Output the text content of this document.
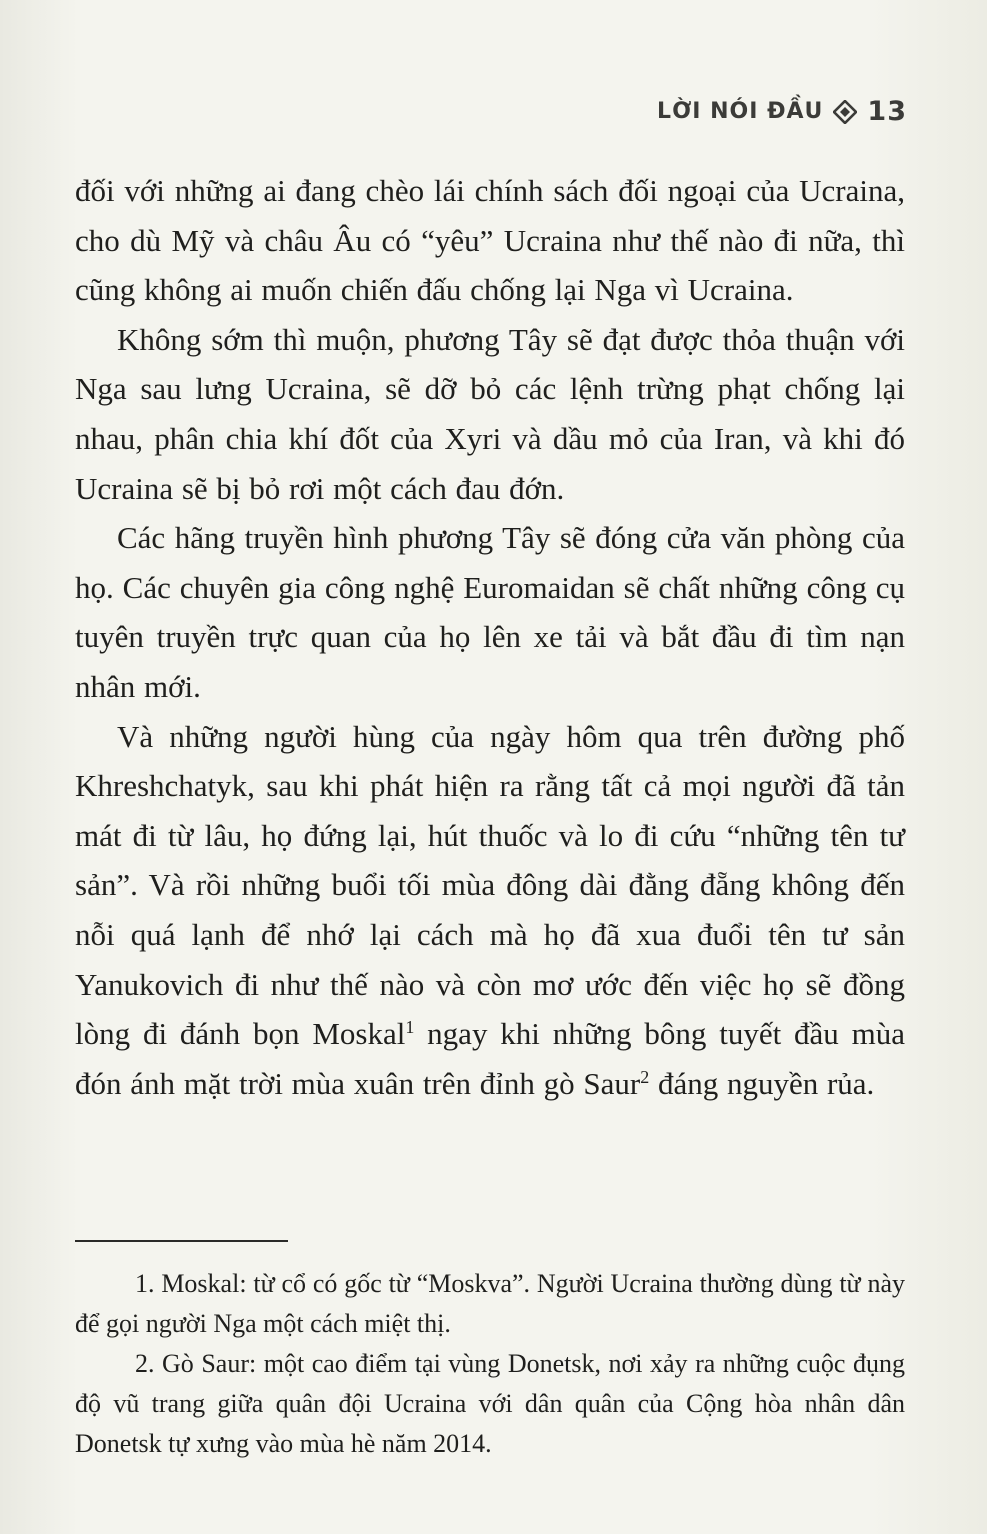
LỜI NÓI ĐẦU 13

đối với những ai đang chèo lái chính sách đối ngoại của Ucraina, cho dù Mỹ và châu Âu có “yêu” Ucraina như thế nào đi nữa, thì cũng không ai muốn chiến đấu chống lại Nga vì Ucraina.

Không sớm thì muộn, phương Tây sẽ đạt được thỏa thuận với Nga sau lưng Ucraina, sẽ dỡ bỏ các lệnh trừng phạt chống lại nhau, phân chia khí đốt của Xyri và dầu mỏ của Iran, và khi đó Ucraina sẽ bị bỏ rơi một cách đau đớn.

Các hãng truyền hình phương Tây sẽ đóng cửa văn phòng của họ. Các chuyên gia công nghệ Euromaidan sẽ chất những công cụ tuyên truyền trực quan của họ lên xe tải và bắt đầu đi tìm nạn nhân mới.

Và những người hùng của ngày hôm qua trên đường phố Khreshchatyk, sau khi phát hiện ra rằng tất cả mọi người đã tản mát đi từ lâu, họ đứng lại, hút thuốc và lo đi cứu “những tên tư sản”. Và rồi những buổi tối mùa đông dài đằng đẵng không đến nỗi quá lạnh để nhớ lại cách mà họ đã xua đuổi tên tư sản Yanukovich đi như thế nào và còn mơ ước đến việc họ sẽ đồng lòng đi đánh bọn Moskal$^1$ ngay khi những bông tuyết đầu mùa đón ánh mặt trời mùa xuân trên đỉnh gò Saur$^2$ đáng nguyền rủa.

1. Moskal: từ cổ có gốc từ “Moskva”. Người Ucraina thường dùng từ này để gọi người Nga một cách miệt thị.

2. Gò Saur: một cao điểm tại vùng Donetsk, nơi xảy ra những cuộc đụng độ vũ trang giữa quân đội Ucraina với dân quân của Cộng hòa nhân dân Donetsk tự xưng vào mùa hè năm 2014.
